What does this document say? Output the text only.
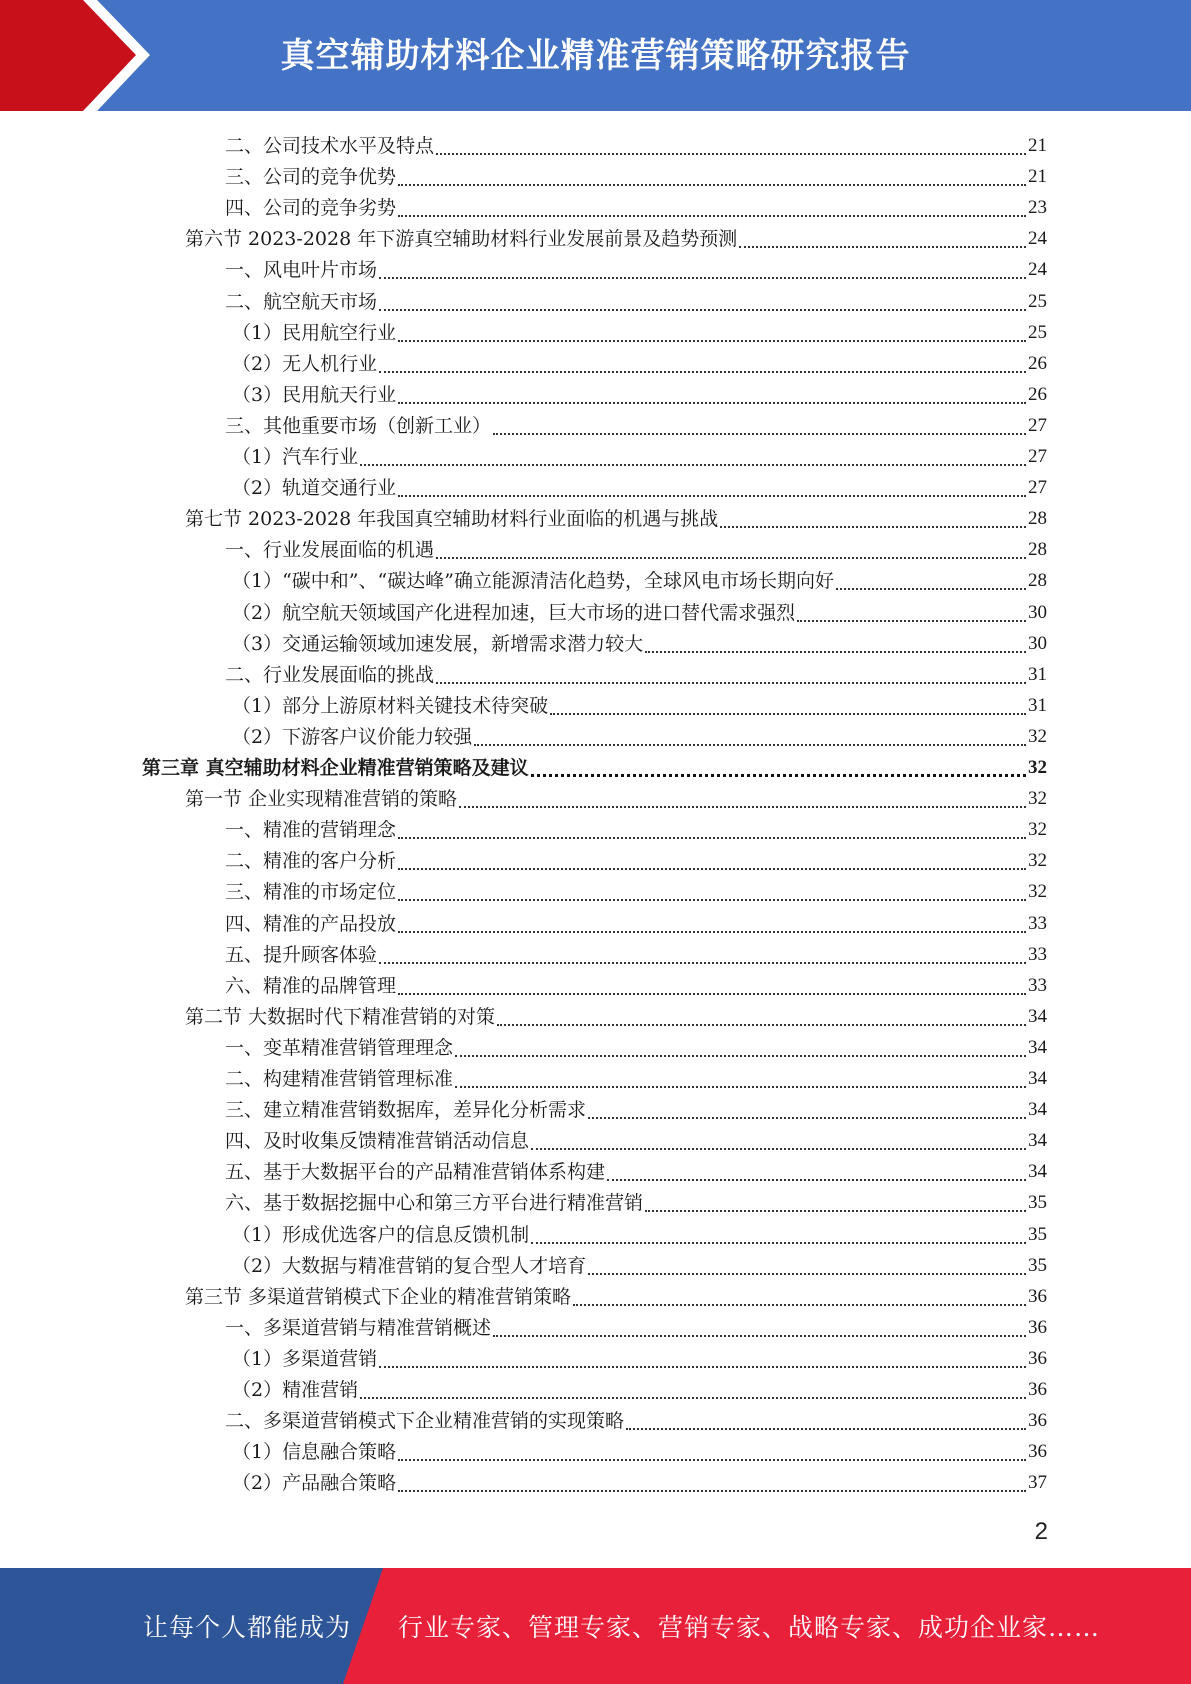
真空辅助材料企业精准营销策略研究报告
二、公司技术水平及特点	21
三、公司的竞争优势	21
四、公司的竞争劣势	23
第六节 2023-2028 年下游真空辅助材料行业发展前景及趋势预测	24
一、风电叶片市场	24
二、航空航天市场	25
（1）民用航空行业	25
（2）无人机行业	26
（3）民用航天行业	26
三、其他重要市场（创新工业）	27
（1）汽车行业	27
（2）轨道交通行业	27
第七节 2023-2028 年我国真空辅助材料行业面临的机遇与挑战	28
一、行业发展面临的机遇	28
（1）“碳中和”、“碳达峰”确立能源清洁化趋势，全球风电市场长期向好	28
（2）航空航天领域国产化进程加速，巨大市场的进口替代需求强烈	30
（3）交通运输领域加速发展，新增需求潜力较大	30
二、行业发展面临的挑战	31
（1）部分上游原材料关键技术待突破	31
（2）下游客户议价能力较强	32
第三章 真空辅助材料企业精准营销策略及建议	32
第一节 企业实现精准营销的策略	32
一、精准的营销理念	32
二、精准的客户分析	32
三、精准的市场定位	32
四、精准的产品投放	33
五、提升顾客体验	33
六、精准的品牌管理	33
第二节 大数据时代下精准营销的对策	34
一、变革精准营销管理理念	34
二、构建精准营销管理标准	34
三、建立精准营销数据库，差异化分析需求	34
四、及时收集反馈精准营销活动信息	34
五、基于大数据平台的产品精准营销体系构建	34
六、基于数据挖掘中心和第三方平台进行精准营销	35
（1）形成优选客户的信息反馈机制	35
（2）大数据与精准营销的复合型人才培育	35
第三节 多渠道营销模式下企业的精准营销策略	36
一、多渠道营销与精准营销概述	36
（1）多渠道营销	36
（2）精准营销	36
二、多渠道营销模式下企业精准营销的实现策略	36
（1）信息融合策略	36
（2）产品融合策略	37
2
让每个人都能成为 行业专家、管理专家、营销专家、战略专家、成功企业家……
